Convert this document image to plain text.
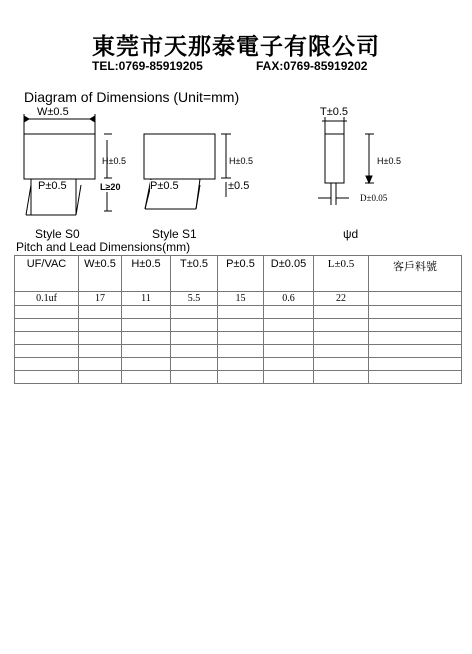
東莞市天那泰電子有限公司
TEL:0769-85919205	FAX:0769-85919202
Diagram of Dimensions (Unit=mm)
W±0.5	T±0.5
H±0.5	H±0.5	H±0.5
P±0.5	P±0.5
L≥20	±0.5
D±0.05
Style S0	Style S1	ψd
Pitch and Lead Dimensions(mm)
UF/VAC	W±0.5	H±0.5	T±0.5	P±0.5	D±0.05	L±0.5	客戶料號
0.1uf	17	11	5.5	15	0.6	22	
